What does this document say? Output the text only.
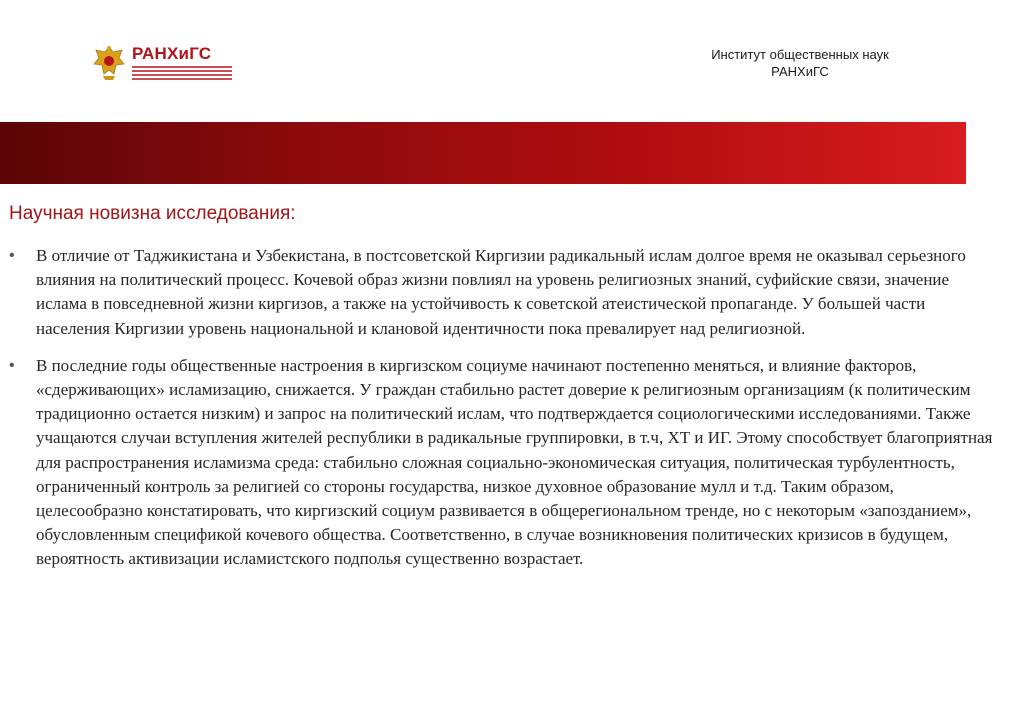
РАНХиГС	Институт общественных наук
РАНХиГС
Научная новизна исследования:
• В отличие от Таджикистана и Узбекистана, в постсоветской Киргизии радикальный ислам долгое время не оказывал серьезного влияния на политический процесс. Кочевой образ жизни повлиял на уровень религиозных знаний, суфийские связи, значение ислама в повседневной жизни киргизов, а также на устойчивость к советской атеистической пропаганде. У большей части населения Киргизии уровень национальной и клановой идентичности пока превалирует над религиозной.
• В последние годы общественные настроения в киргизском социуме начинают постепенно меняться, и влияние факторов, «сдерживающих» исламизацию, снижается. У граждан стабильно растет доверие к религиозным организациям (к политическим традиционно остается низким) и запрос на политический ислам, что подтверждается социологическими исследованиями. Также учащаются случаи вступления жителей республики в радикальные группировки, в т.ч, ХТ и ИГ. Этому способствует благоприятная для распространения исламизма среда: стабильно сложная социально-экономическая ситуация, политическая турбулентность, ограниченный контроль за религией со стороны государства, низкое духовное образование мулл и т.д. Таким образом, целесообразно констатировать, что киргизский социум развивается в общерегиональном тренде, но с некоторым «запозданием», обусловленным спецификой кочевого общества. Соответственно, в случае возникновения политических кризисов в будущем, вероятность активизации исламистского подполья существенно возрастает.
